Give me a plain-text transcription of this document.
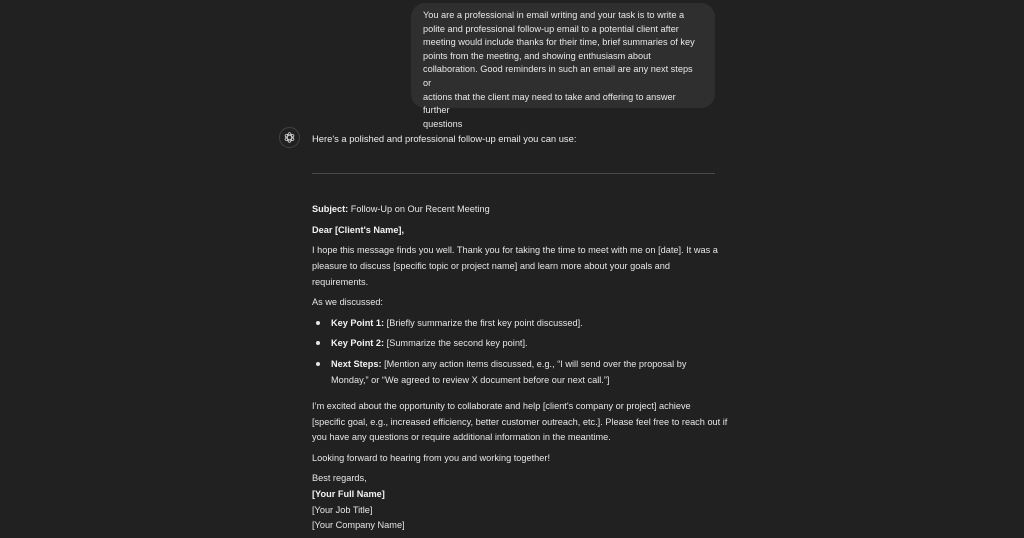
You are a professional in email writing and your task is to write a
polite and professional follow-up email to a potential client after
meeting would include thanks for their time, brief summaries of key
points from the meeting, and showing enthusiasm about
collaboration. Good reminders in such an email are any next steps or
actions that the client may need to take and offering to answer further
questions
Here's a polished and professional follow-up email you can use:
Subject: Follow-Up on Our Recent Meeting
Dear [Client's Name],
I hope this message finds you well. Thank you for taking the time to meet with me on [date]. It was a
pleasure to discuss [specific topic or project name] and learn more about your goals and
requirements.
As we discussed:
Key Point 1: [Briefly summarize the first key point discussed].
Key Point 2: [Summarize the second key point].
Next Steps: [Mention any action items discussed, e.g., “I will send over the proposal by
Monday,” or “We agreed to review X document before our next call.”]
I’m excited about the opportunity to collaborate and help [client's company or project] achieve
[specific goal, e.g., increased efficiency, better customer outreach, etc.]. Please feel free to reach out if
you have any questions or require additional information in the meantime.
Looking forward to hearing from you and working together!
Best regards,
[Your Full Name]
[Your Job Title]
[Your Company Name]
